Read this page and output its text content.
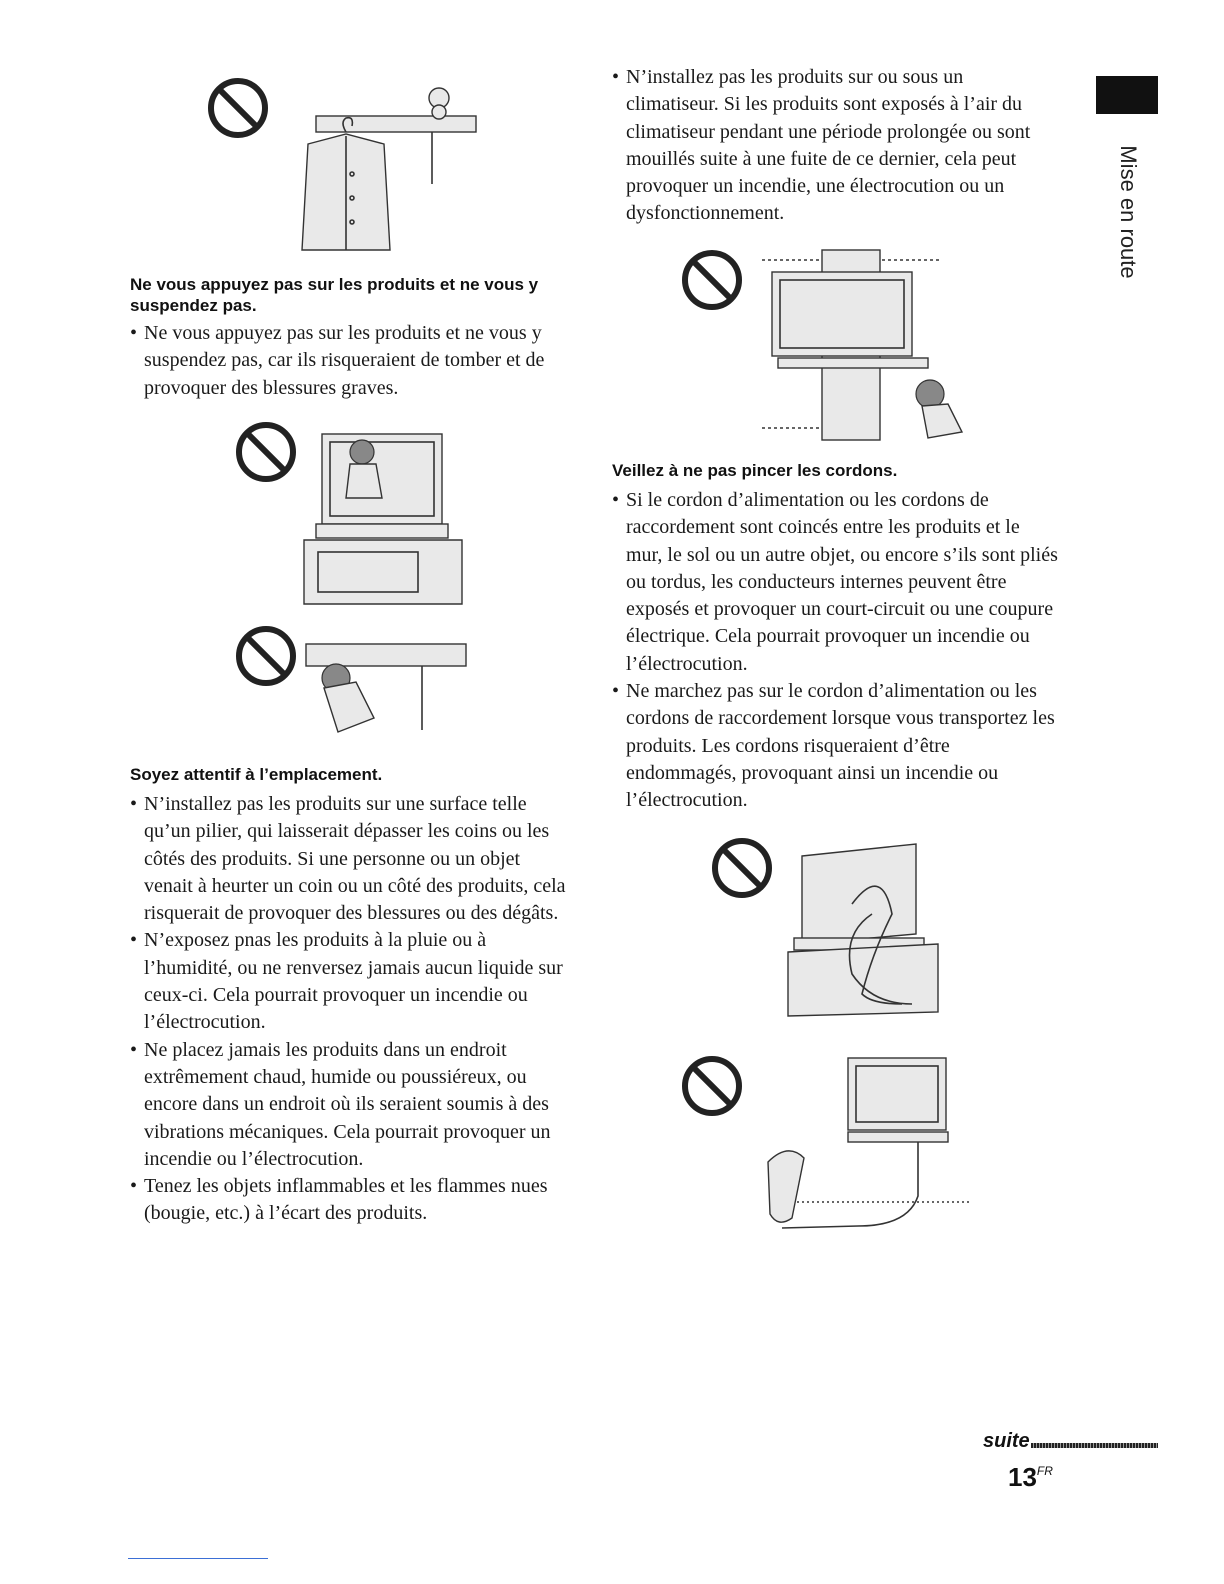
Mise en route
Ne vous appuyez pas sur les produits et ne vous y suspendez pas.
• Ne vous appuyez pas sur les produits et ne vous y suspendez pas, car ils risqueraient de tomber et de provoquer des blessures graves.
Soyez attentif à l’emplacement.
• N’installez pas les produits sur une surface telle qu’un pilier, qui laisserait dépasser les coins ou les côtés des produits. Si une personne ou un objet venait à heurter un coin ou un côté des produits, cela risquerait de provoquer des blessures ou des dégâts.
• N’exposez pnas les produits à la pluie ou à l’humidité, ou ne renversez jamais aucun liquide sur ceux-ci. Cela pourrait provoquer un incendie ou l’électrocution.
• Ne placez jamais les produits dans un endroit extrêmement chaud, humide ou poussiéreux, ou encore dans un endroit où ils seraient soumis à des vibrations mécaniques. Cela pourrait provoquer un incendie ou l’électrocution.
• Tenez les objets inflammables et les flammes nues (bougie, etc.) à l’écart des produits.
• N’installez pas les produits sur ou sous un climatiseur. Si les produits sont exposés à l’air du climatiseur pendant une période prolongée ou sont mouillés suite à une fuite de ce dernier, cela peut provoquer un incendie, une électrocution ou un dysfonctionnement.
Veillez à ne pas pincer les cordons.
• Si le cordon d’alimentation ou les cordons de raccordement sont coincés entre les produits et le mur, le sol ou un autre objet, ou encore s’ils sont pliés ou tordus, les conducteurs internes peuvent être exposés et provoquer un court-circuit ou une coupure électrique. Cela pourrait provoquer un incendie ou l’électrocution.
• Ne marchez pas sur le cordon d’alimentation ou les cordons de raccordement lorsque vous transportez les produits. Les cordons risqueraient d’être endommagés, provoquant ainsi un incendie ou l’électrocution.
suite
$13^{FR}$
